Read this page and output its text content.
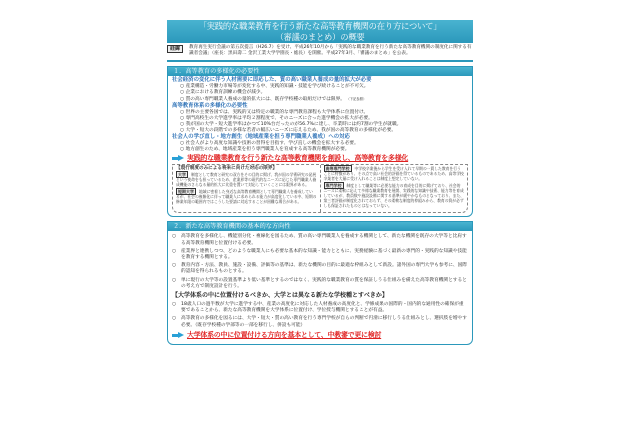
「実践的な職業教育を行う新たな高等教育機関の在り方について」
（審議のまとめ）の概要
経緯	教育再生実行会議の第五次提言（H26.7）を受け、平成26年10月から「実践的な職業教育を行う新たな高等教育機関の制度化に関する有識者会議」（座長：黒田壽二 金沢工業大学学園長・総長）を開催。平成27年3月、「審議のまとめ」を公表。
１．高等教育の多様化の必要性
社会経済の変化に伴う人材需要に即応した、質の高い職業人養成の量的拡大が必要
○ 産業構造・労働力市場等が変化する中、実践的知識・技能を学び続けることが不可欠。
○ 企業における教育訓練の機会が減少。
○ 質の高い専門職業人養成の量的拡大には、既存学校種の取組だけでは限界。 （下記参照）
高等教育体系の多様化の必要性
○ 世界の主要各国では、実践的又は特定の職業的な専門教育課程も大学体系に位置付け。
○ 専門高校生の大学進学率は平均２割程度で、そのニーズに合った進学機会の拡大が必要。
○ 我が国の大学・短大進学率はかつて10%台だったのが56.7%に達し、卒業時には約7割の学生が就職。
○ 大学・短大の段階での多様な若者の幅広いニーズに応えるため、我が国の高等教育の多様化が必要。
社会人の学び直し・地方創生（地域産業を担う専門職業人養成）への対応
○ 社会人がより高度な知識や技術の習得を目指す、学び直しの機会を拡大する必要。
○ 地方創生のため、地域産業を担う専門職業人を育成する高等教育機関が必要。
実践的な職業教育を行う新たな高等教育機関を創設し、高等教育を多様化
【現行制度のみによる将来に向けた対応の限界】
大学 制度として教育と研究の双方をその目的に掲げ、我が国の学術研究の発展という使命をも担っているため、産業界等の現代的なニーズに応じた専門職業人養成機能のさらなる量的拡大に比重を置いて対応していくことには限界がある。
短期大学 地域に密着した身近な高等教育機関として専門職業人を養成しているが、社会の複雑化に伴って職業人に求められる能力が高度化している中、短期の修業年限の範囲内ではこうした要請に対応することが困難な場合がある。
高等専門学校 中学校卒業後から学生を受け入れて早期の一貫した教育を行うことに特徴があり、その点で高い社会的評価を得ているものであるため、高等学校卒業者を大量に受け入れることは制度上想定していない。
専門学校 制度として職業等に必要な能力の育成を目的に掲げており、社会的ニーズに柔軟に応えて多様な職業教育を展開、実践的な知識や技術、能力等を育成しているが、教員数や施設設備に関する基準が緩やかなものとなっており、また、第三者評価が制度化されておらず、その柔軟な制度的枠組みから、教育の質が必ずしも保証されたものとはなっていない。
２．新たな高等教育機関の基本的な方向性
○	高等教育を多様化し、機能別分化・複線化を図るため、質の高い専門職業人を養成する機関として、新たな機関を既存の大学等と比肩する高等教育機関と位置付ける必要。
○	産業界と連携しつつ、どのような職業人にも必要な基本的な知識・能力とともに、実務経験に基づく最新の専門的・実践的な知識や技能を教育する機関とする。
○	教育内容・方法、教員、施設・設備、評価等の基準は、新たな機関の目的に最適な枠組みとして新設。諸外国の専門大学も参考に、国際的認知を得られるものとする。
○	単に現行の大学等の設置基準より低い基準とするのではなく、実践的な職業教育の質を保証しうる仕組みを備えた高等教育機関とするとの考え方で制度設計を行う。
【大学体系の中に位置付けるべきか、大学とは異なる新たな学校種とすべきか】
○	18歳人口の過半数が大学に進学する中、産業の高度化に対応した人材養成の高度化と、学修成果の国際的・国内的な通用性の確保が重要であることから、新たな高等教育機関を大学体系に位置付け、学位授与機関とすることが有益。
○	高等教育の多様化を図るには、大学・短大・質の高い教育を行う専門学校が自らの判断で円滑に移行しうる仕組みとし、選択肢を増やす必要。（既存学校種の学部等の一部を移行し、併設も可能）
大学体系の中に位置付ける方向を基本として、中教審で更に検討
